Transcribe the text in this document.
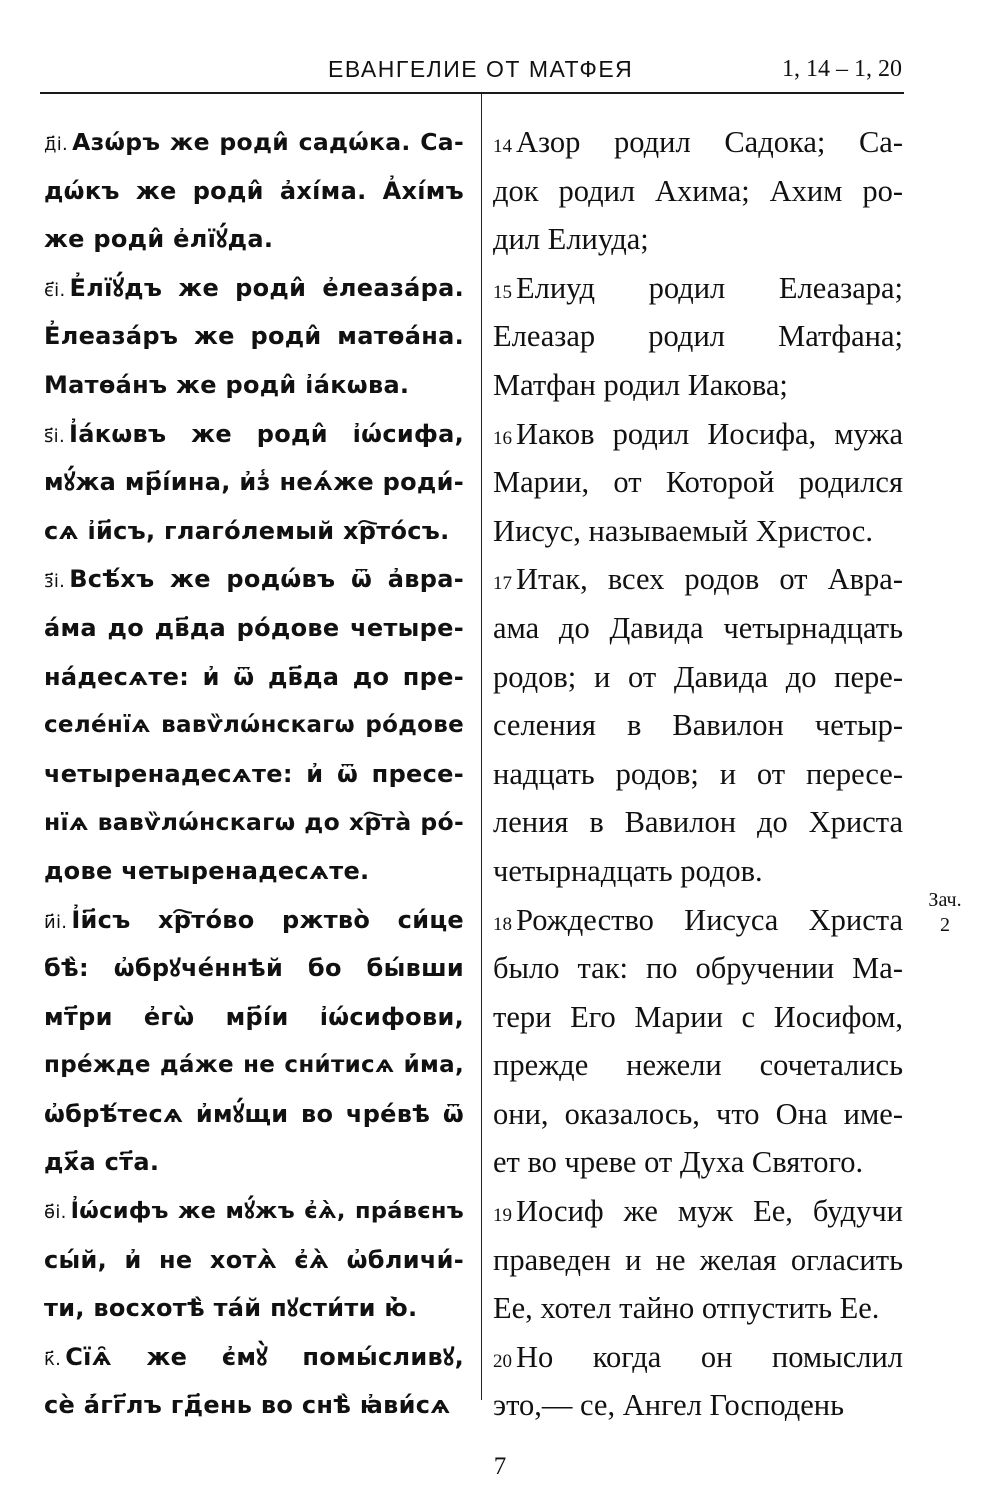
ЕВАНГЕЛИЕ ОТ МАТФЕЯ	1, 14 – 1, 20
д҃і. Азѡ́ръ же роди̂ садѡ́ка. Са-
дѡ́къ же роди̂ а҆хі́ма. А҆хі́мъ
же роди̂ е҆лїꙋ́да.
є҃і. Е҆лїꙋ́дъ же роди̂ е҆леаза́ра.
Е҆леаза́ръ же роди̂ матѳа́на.
Матѳа́нъ же роди̂ і҆а́кѡва.
ѕ҃і. І҆а́кѡвъ же роди̂ і҆ѡ́сифа,
мꙋ́жа мр҃і́ина, и҆з̾ неѧ́же роди́-
сѧ і҆и҃съ, глаго́лемый хр҇то́съ.
з҃і. Всѣ́хъ же родѡ́въ ѿ а҆вра-
а́ма до дв҃да ро́дове четыре-
на́десѧте: и҆ ѿ дв҃да до пре-
селе́нїѧ вавѷлѡ́нскагѡ ро́дове
четыренадесѧте: и҆ ѿ пресе-
нїѧ вавѷлѡ́нскагѡ до хр҇та̀ ро́-
дове четыренадесѧте.
и҃і. І҆и҃съ хр҇то́во ржтво̀ си́це
бѣ̀: ѡ҆брꙋче́ннѣй бо бы́вши
мт҃ри е҆гѡ̀ мр҃і́и і҆ѡ́сифови,
пре́жде да́же не сни́тисѧ и҆́ма,
ѡ҆брѣ́тесѧ и҆мꙋ́щи во чре́вѣ ѿ
дх҃а ст҃а.
ѳ҃і. І҆ѡ́сифъ же мꙋ́жъ є҆ѧ̀, пра́вєнъ
сы́й, и҆ не хотѧ̀ є҆ѧ̀ ѡ҆бличи́-
ти, восхотѣ̀ та́й пꙋсти́ти ю҆̀.
к҃. Сїѧ̑ же є҆мꙋ̀ помы́сливꙋ,
сѐ а҆́гг҃лъ гд҃ень во снѣ̀ ꙗ҆ви́сѧ
14 Азор родил Садока; Са-
док родил Ахима; Ахим ро-
дил Елиуда;
15 Елиуд родил Елеазара;
Елеазар родил Матфана;
Матфан родил Иакова;
16 Иаков родил Иосифа, мужа
Марии, от Которой родился
Иисус, называемый Христос.
17 Итак, всех родов от Авра-
ама до Давида четырнадцать
родов; и от Давида до пере-
селения в Вавилон четыр-
надцать родов; и от пересе-
ления в Вавилон до Христа
четырнадцать родов.
18 Рождество Иисуса Христа
было так: по обручении Ма-
тери Его Марии с Иосифом,
прежде нежели сочетались
они, оказалось, что Она име-
ет во чреве от Духа Святого.
19 Иосиф же муж Ее, будучи
праведен и не желая огласить
Ее, хотел тайно отпустить Ее.
20 Но когда он помыслил
это,— се, Ангел Господень
Зач.
2
7
